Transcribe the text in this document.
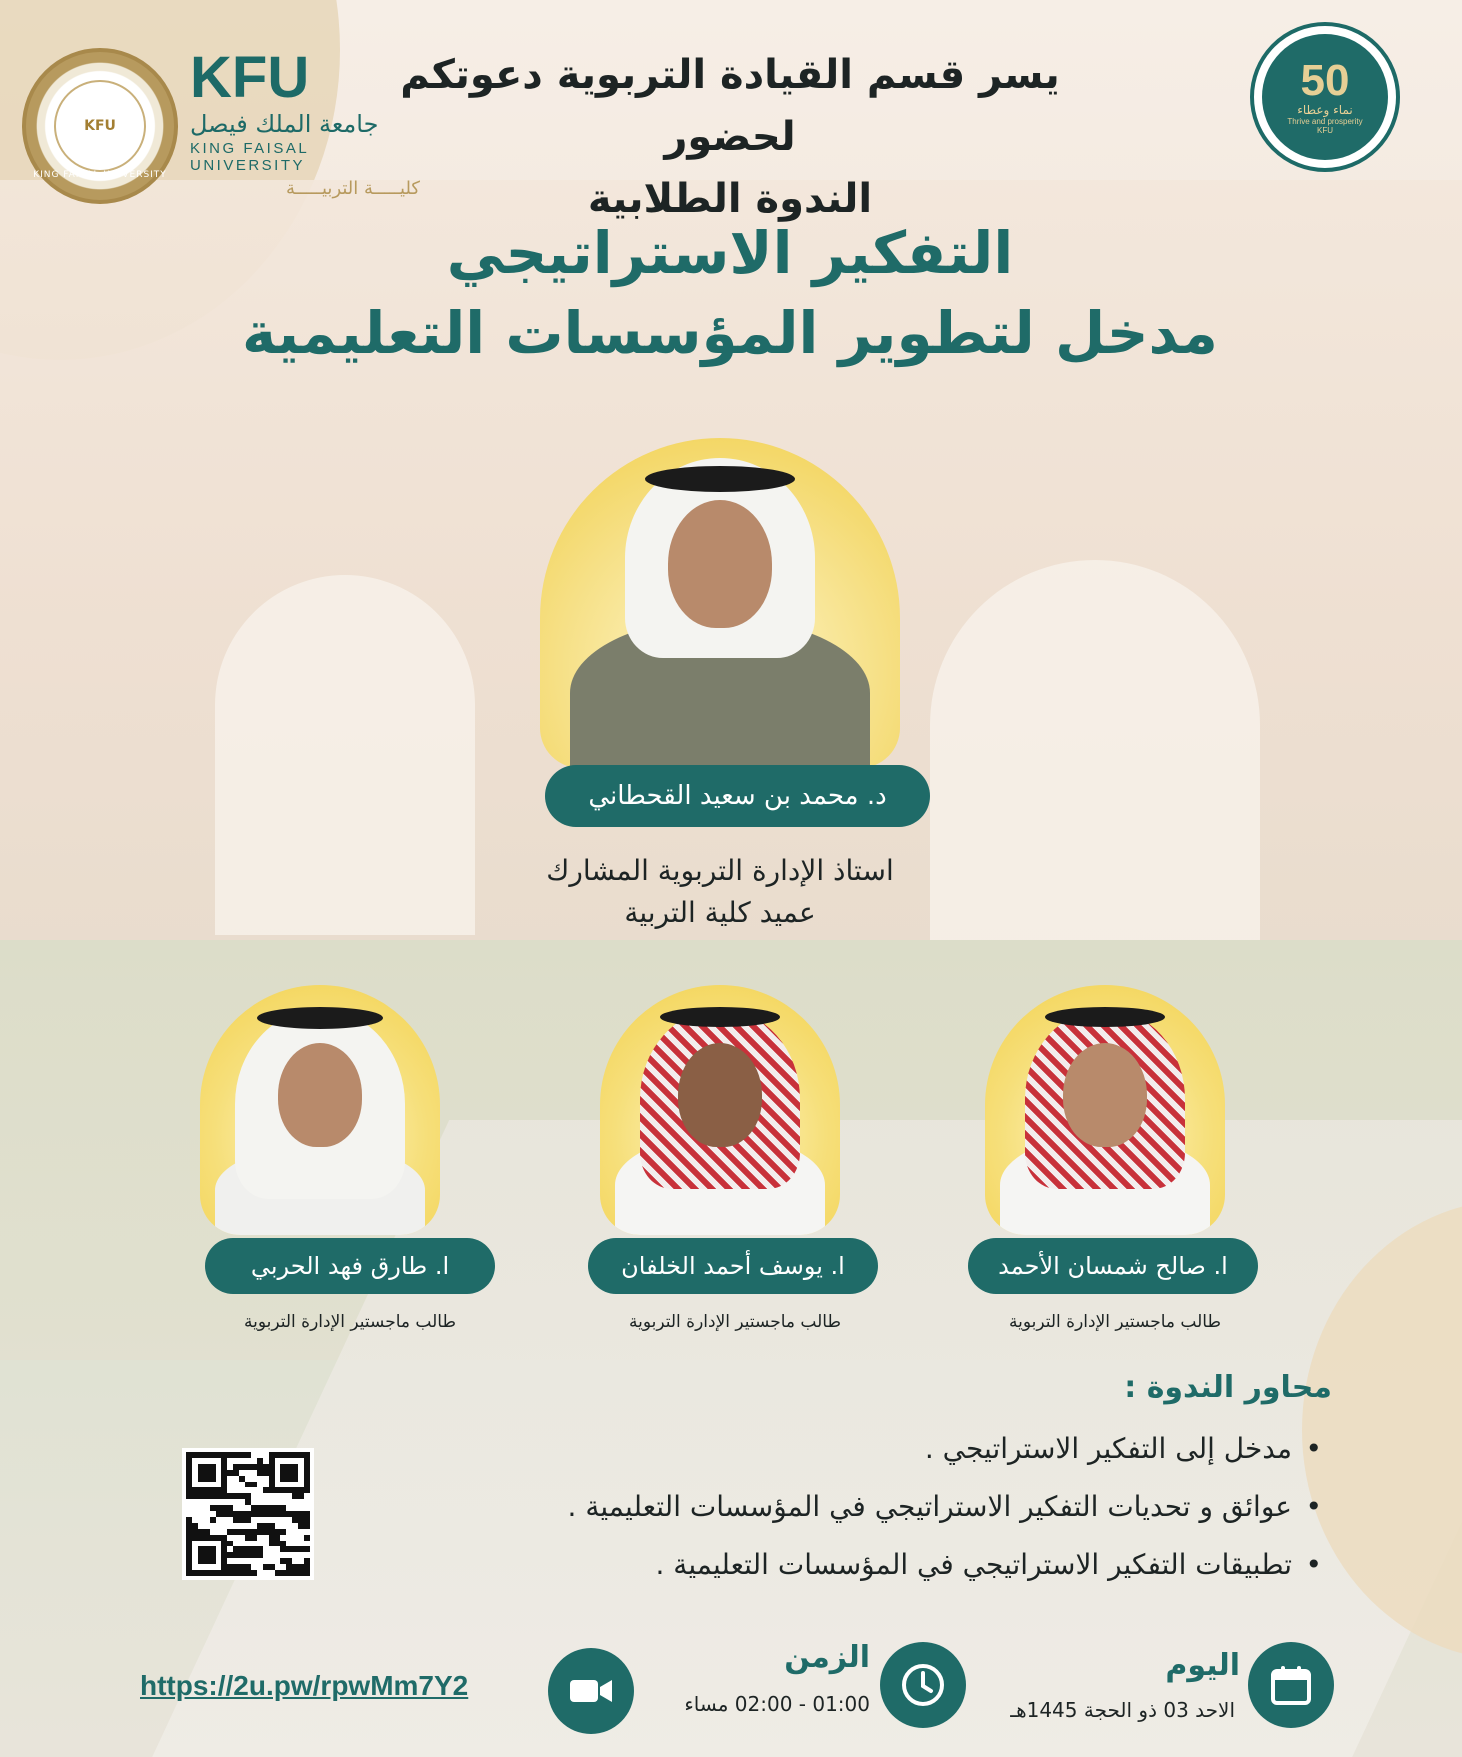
KFU
KING FAISAL UNIVERSITY
KFU
جامعة الملك فيصل
KING FAISAL UNIVERSITY
كليـــــة التربيـــــة
50
نماء وعطاء
Thrive and prosperity
KFU
يسر قسم القيادة التربوية دعوتكم لحضور
الندوة الطلابية
التفكير الاستراتيجي
مدخل لتطوير المؤسسات التعليمية
د. محمد بن سعيد القحطاني
استاذ الإدارة التربوية المشارك
عميد كلية التربية
ا. صالح شمسان الأحمد
طالب ماجستير الإدارة التربوية
ا. يوسف أحمد الخلفان
طالب ماجستير الإدارة التربوية
ا. طارق فهد الحربي
طالب ماجستير الإدارة التربوية
محاور الندوة :
• مدخل إلى التفكير الاستراتيجي .
• عوائق و تحديات التفكير الاستراتيجي في المؤسسات التعليمية .
• تطبيقات التفكير الاستراتيجي في المؤسسات التعليمية .
اليوم
الاحد 03 ذو الحجة 1445هـ
الزمن
01:00 - 02:00 مساء
https://2u.pw/rpwMm7Y2
